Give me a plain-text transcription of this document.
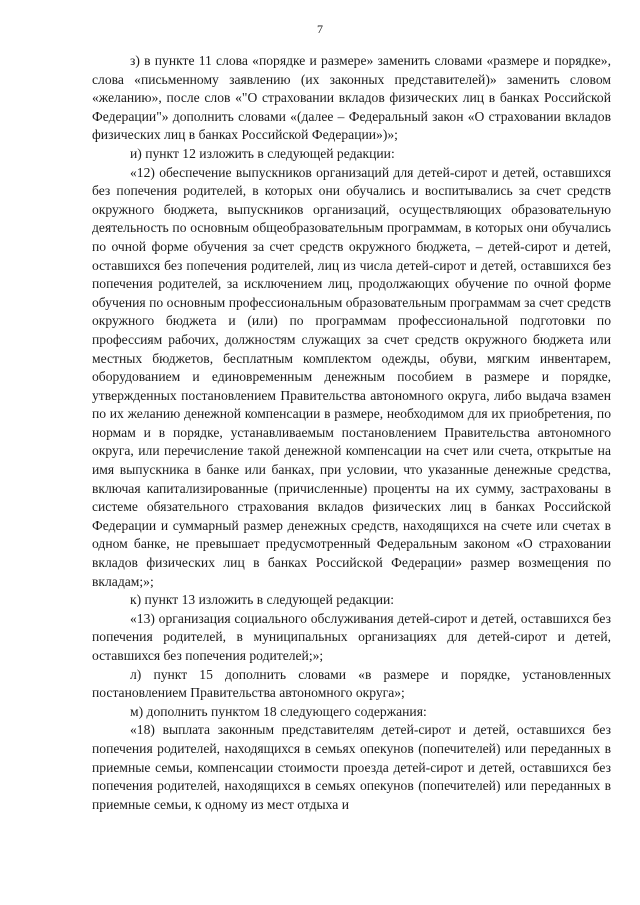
7

з) в пункте 11 слова «порядке и размере» заменить словами «размере и порядке», слова «письменному заявлению (их законных представителей)» заменить словом «желанию», после слов «"О страховании вкладов физических лиц в банках Российской Федерации"» дополнить словами «(далее – Федеральный закон «О страховании вкладов физических лиц в банках Российской Федерации»)»;

и) пункт 12 изложить в следующей редакции:

«12) обеспечение выпускников организаций для детей-сирот и детей, оставшихся без попечения родителей, в которых они обучались и воспитывались за счет средств окружного бюджета, выпускников организаций, осуществляющих образовательную деятельность по основным общеобразовательным программам, в которых они обучались по очной форме обучения за счет средств окружного бюджета, – детей-сирот и детей, оставшихся без попечения родителей, лиц из числа детей-сирот и детей, оставшихся без попечения родителей, за исключением лиц, продолжающих обучение по очной форме обучения по основным профессиональным образовательным программам за счет средств окружного бюджета и (или) по программам профессиональной подготовки по профессиям рабочих, должностям служащих за счет средств окружного бюджета или местных бюджетов, бесплатным комплектом одежды, обуви, мягким инвентарем, оборудованием и единовременным денежным пособием в размере и порядке, утвержденных постановлением Правительства автономного округа, либо выдача взамен по их желанию денежной компенсации в размере, необходимом для их приобретения, по нормам и в порядке, устанавливаемым постановлением Правительства автономного округа, или перечисление такой денежной компенсации на счет или счета, открытые на имя выпускника в банке или банках, при условии, что указанные денежные средства, включая капитализированные (причисленные) проценты на их сумму, застрахованы в системе обязательного страхования вкладов физических лиц в банках Российской Федерации и суммарный размер денежных средств, находящихся на счете или счетах в одном банке, не превышает предусмотренный Федеральным законом «О страховании вкладов физических лиц в банках Российской Федерации» размер возмещения по вкладам;»;

к) пункт 13 изложить в следующей редакции:

«13) организация социального обслуживания детей-сирот и детей, оставшихся без попечения родителей, в муниципальных организациях для детей-сирот и детей, оставшихся без попечения родителей;»;

л) пункт 15 дополнить словами «в размере и порядке, установленных постановлением Правительства автономного округа»;

м) дополнить пунктом 18 следующего содержания:

«18) выплата законным представителям детей-сирот и детей, оставшихся без попечения родителей, находящихся в семьях опекунов (попечителей) или переданных в приемные семьи, компенсации стоимости проезда детей-сирот и детей, оставшихся без попечения родителей, находящихся в семьях опекунов (попечителей) или переданных в приемные семьи, к одному из мест отдыха и
